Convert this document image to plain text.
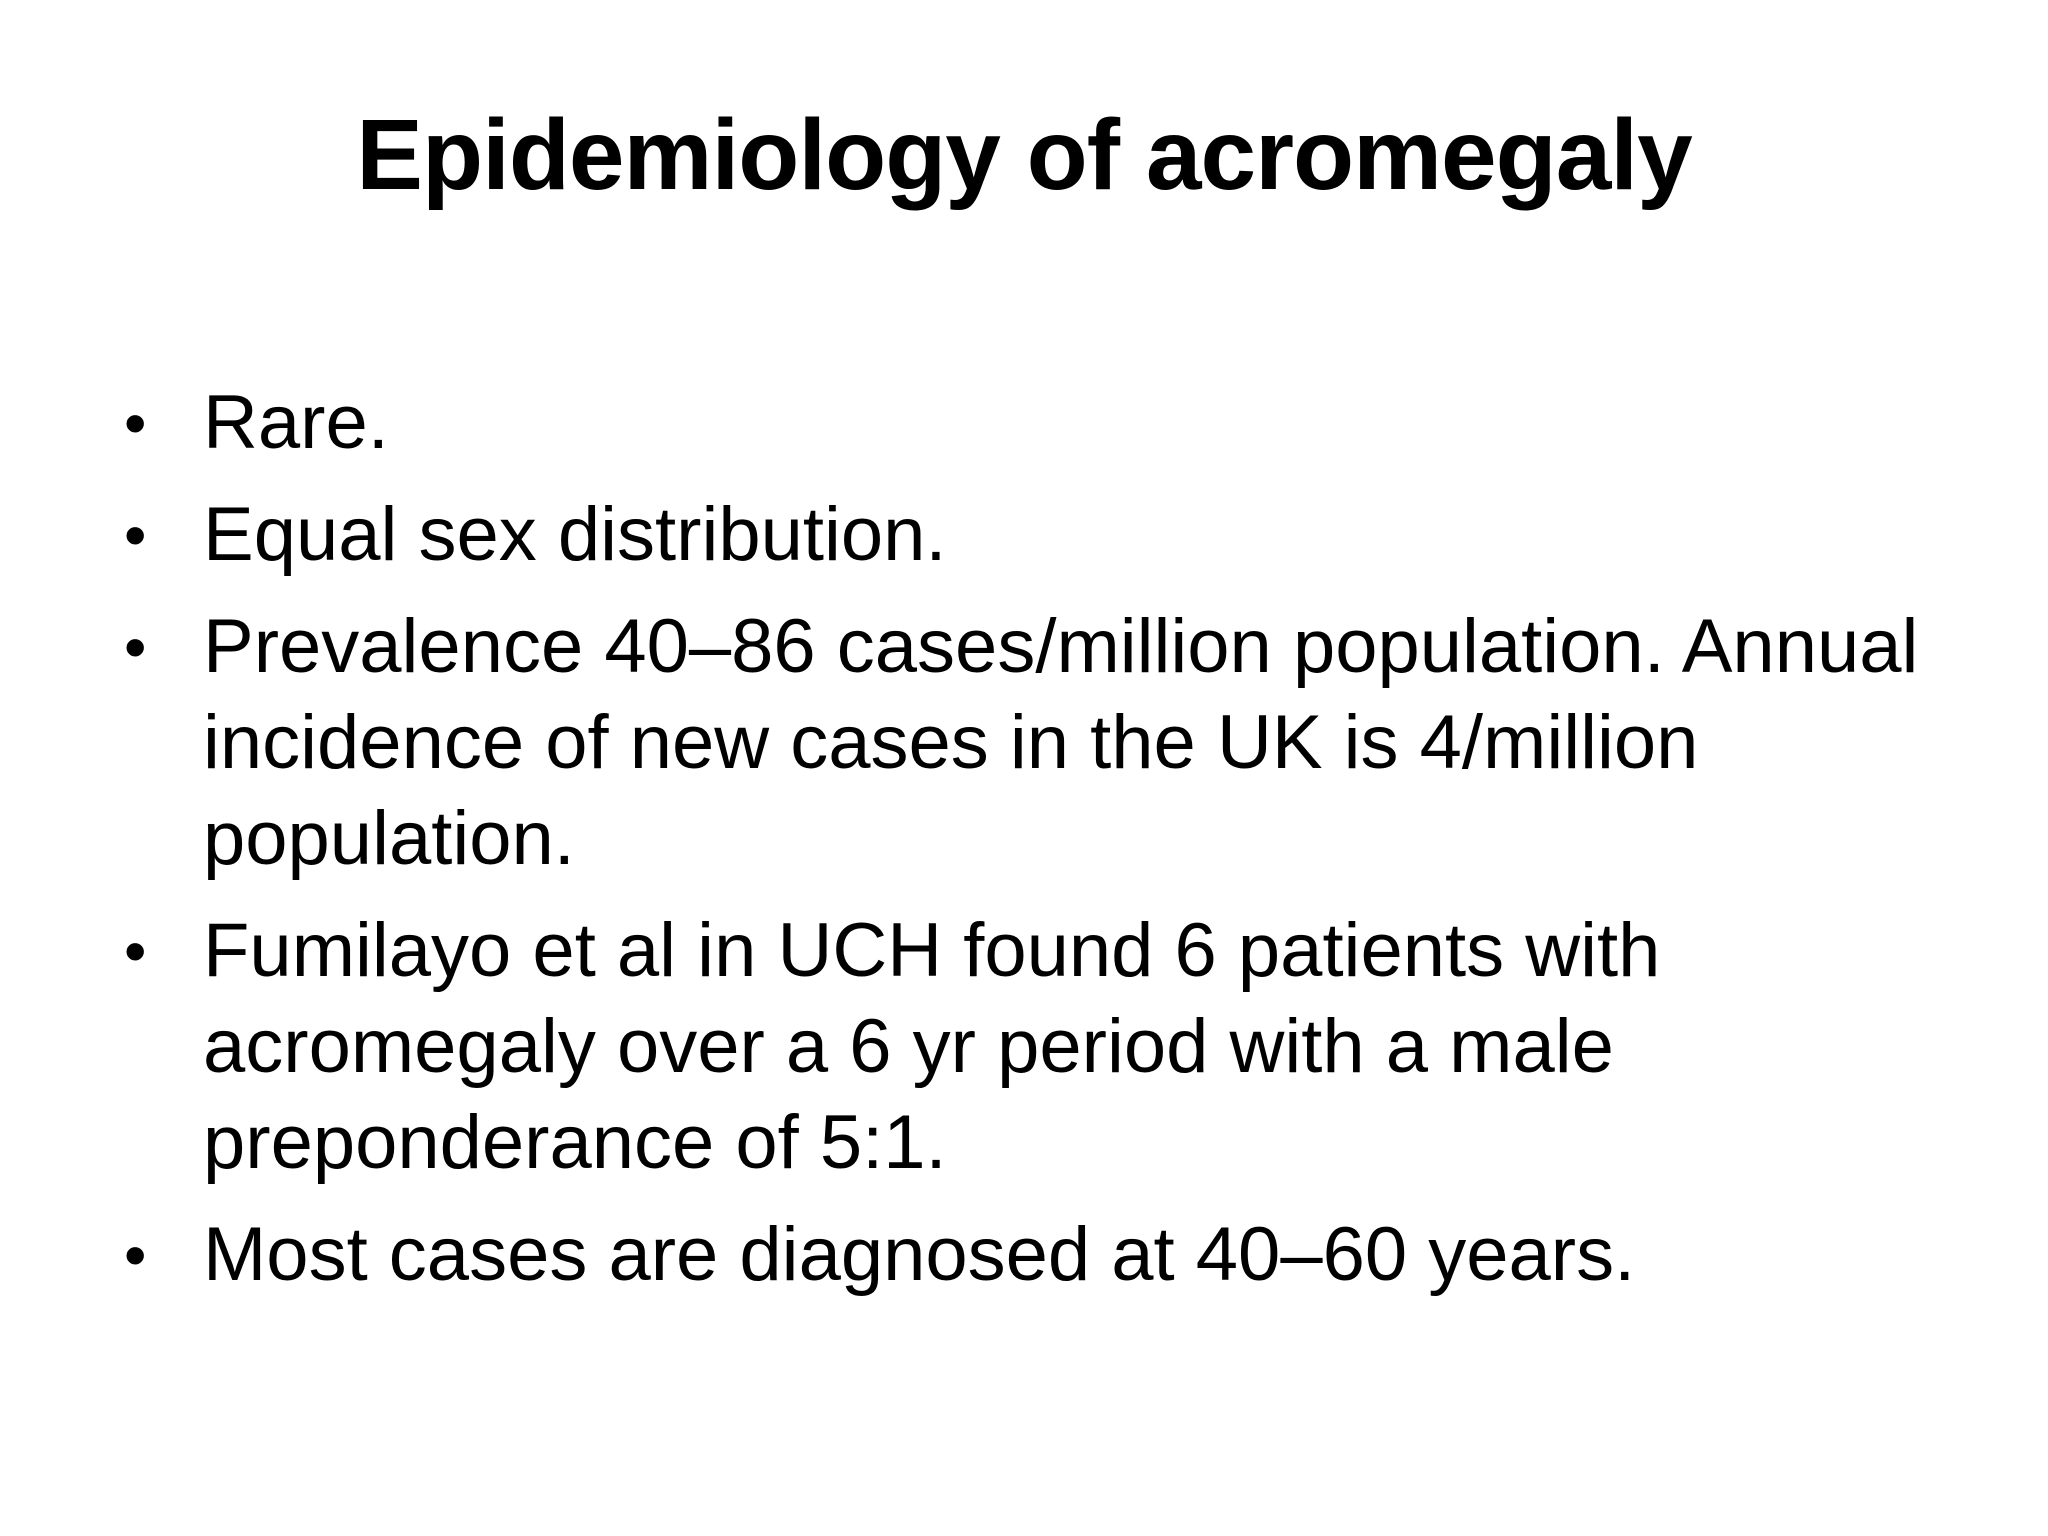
Epidemiology of acromegaly
• Rare.
• Equal sex distribution.
• Prevalence 40–86 cases/million population. Annual incidence of new cases in the UK is 4/million population.
• Fumilayo et al in UCH found 6 patients with acromegaly over a 6 yr period with a male preponderance of 5:1.
• Most cases are diagnosed at 40–60 years.
